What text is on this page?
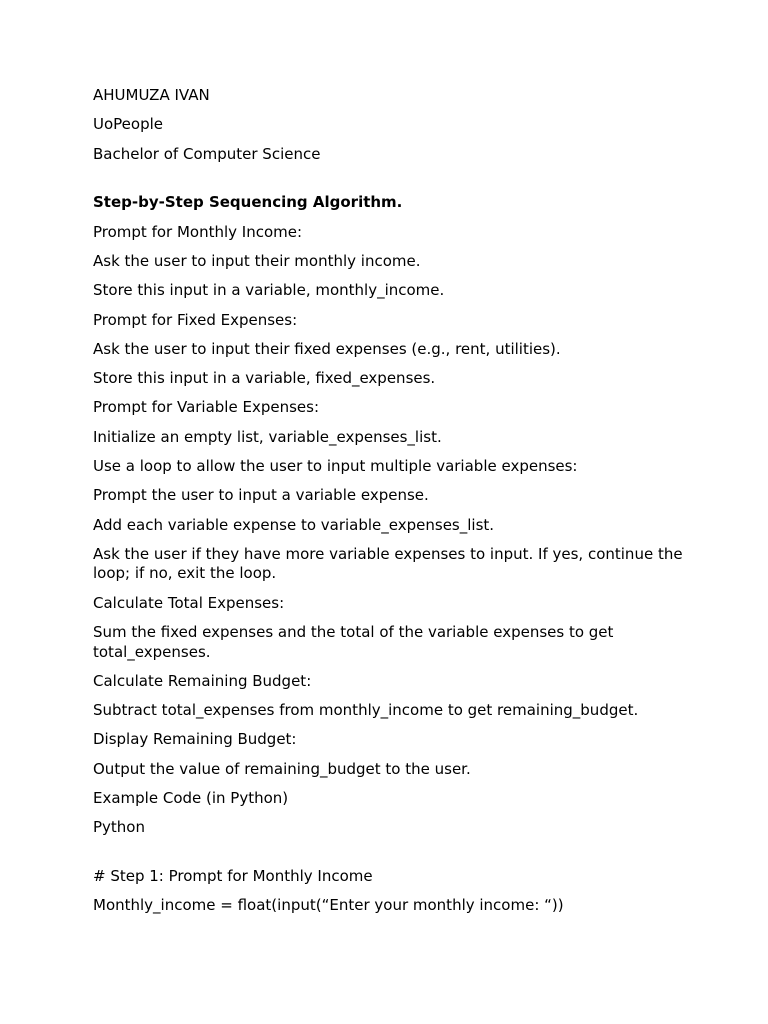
AHUMUZA IVAN

UoPeople

Bachelor of Computer Science

Step-by-Step Sequencing Algorithm.

Prompt for Monthly Income:

Ask the user to input their monthly income.

Store this input in a variable, monthly_income.

Prompt for Fixed Expenses:

Ask the user to input their fixed expenses (e.g., rent, utilities).

Store this input in a variable, fixed_expenses.

Prompt for Variable Expenses:

Initialize an empty list, variable_expenses_list.

Use a loop to allow the user to input multiple variable expenses:

Prompt the user to input a variable expense.

Add each variable expense to variable_expenses_list.

Ask the user if they have more variable expenses to input. If yes, continue the loop; if no, exit the loop.

Calculate Total Expenses:

Sum the fixed expenses and the total of the variable expenses to get total_expenses.

Calculate Remaining Budget:

Subtract total_expenses from monthly_income to get remaining_budget.

Display Remaining Budget:

Output the value of remaining_budget to the user.

Example Code (in Python)

Python

# Step 1: Prompt for Monthly Income

Monthly_income = float(input(“Enter your monthly income: “))
